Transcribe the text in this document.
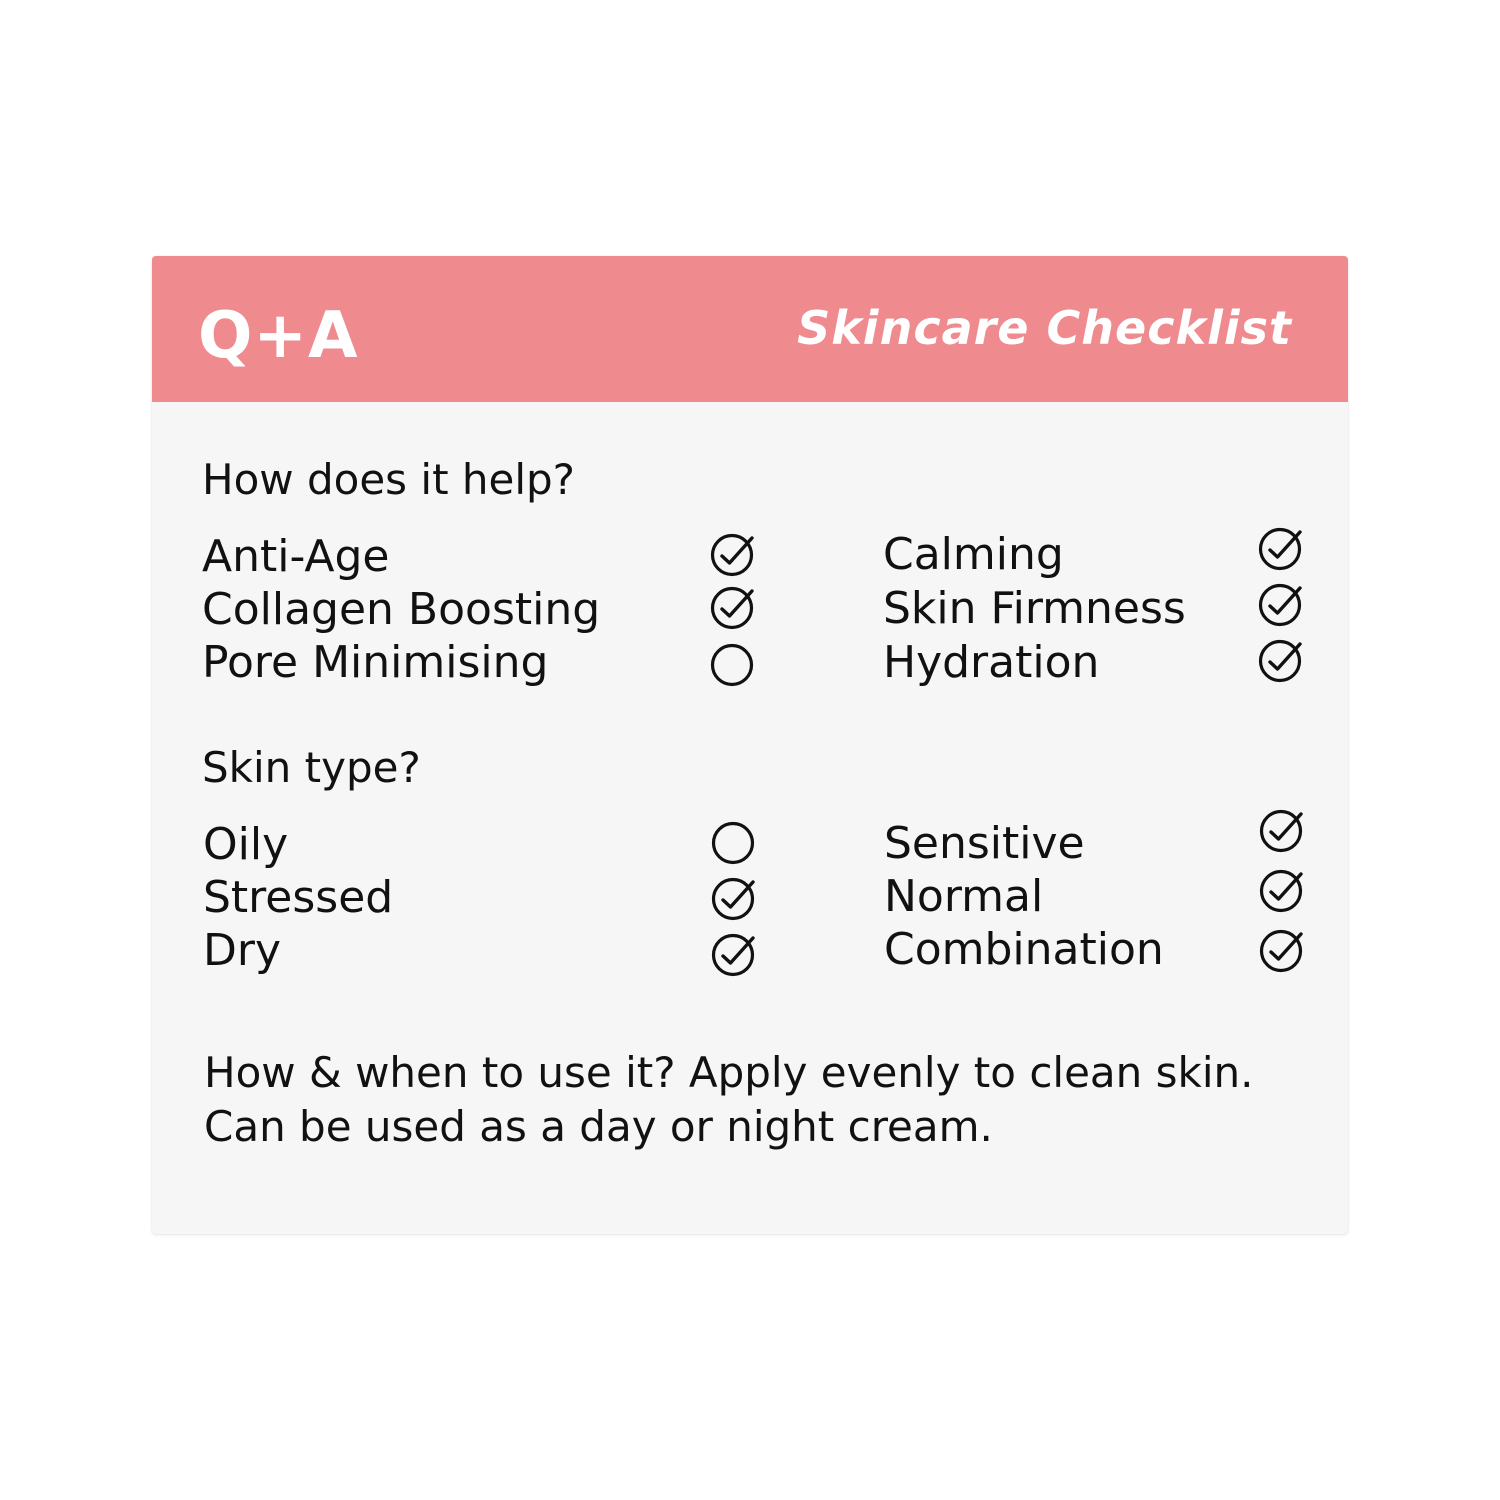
Q+A	Skincare Checklist
How does it help?
Anti-Age
Collagen Boosting
Pore Minimising
Calming
Skin Firmness
Hydration
Skin type?
Oily
Stressed
Dry
Sensitive
Normal
Combination
How & when to use it? Apply evenly to clean skin. Can be used as a day or night cream.
